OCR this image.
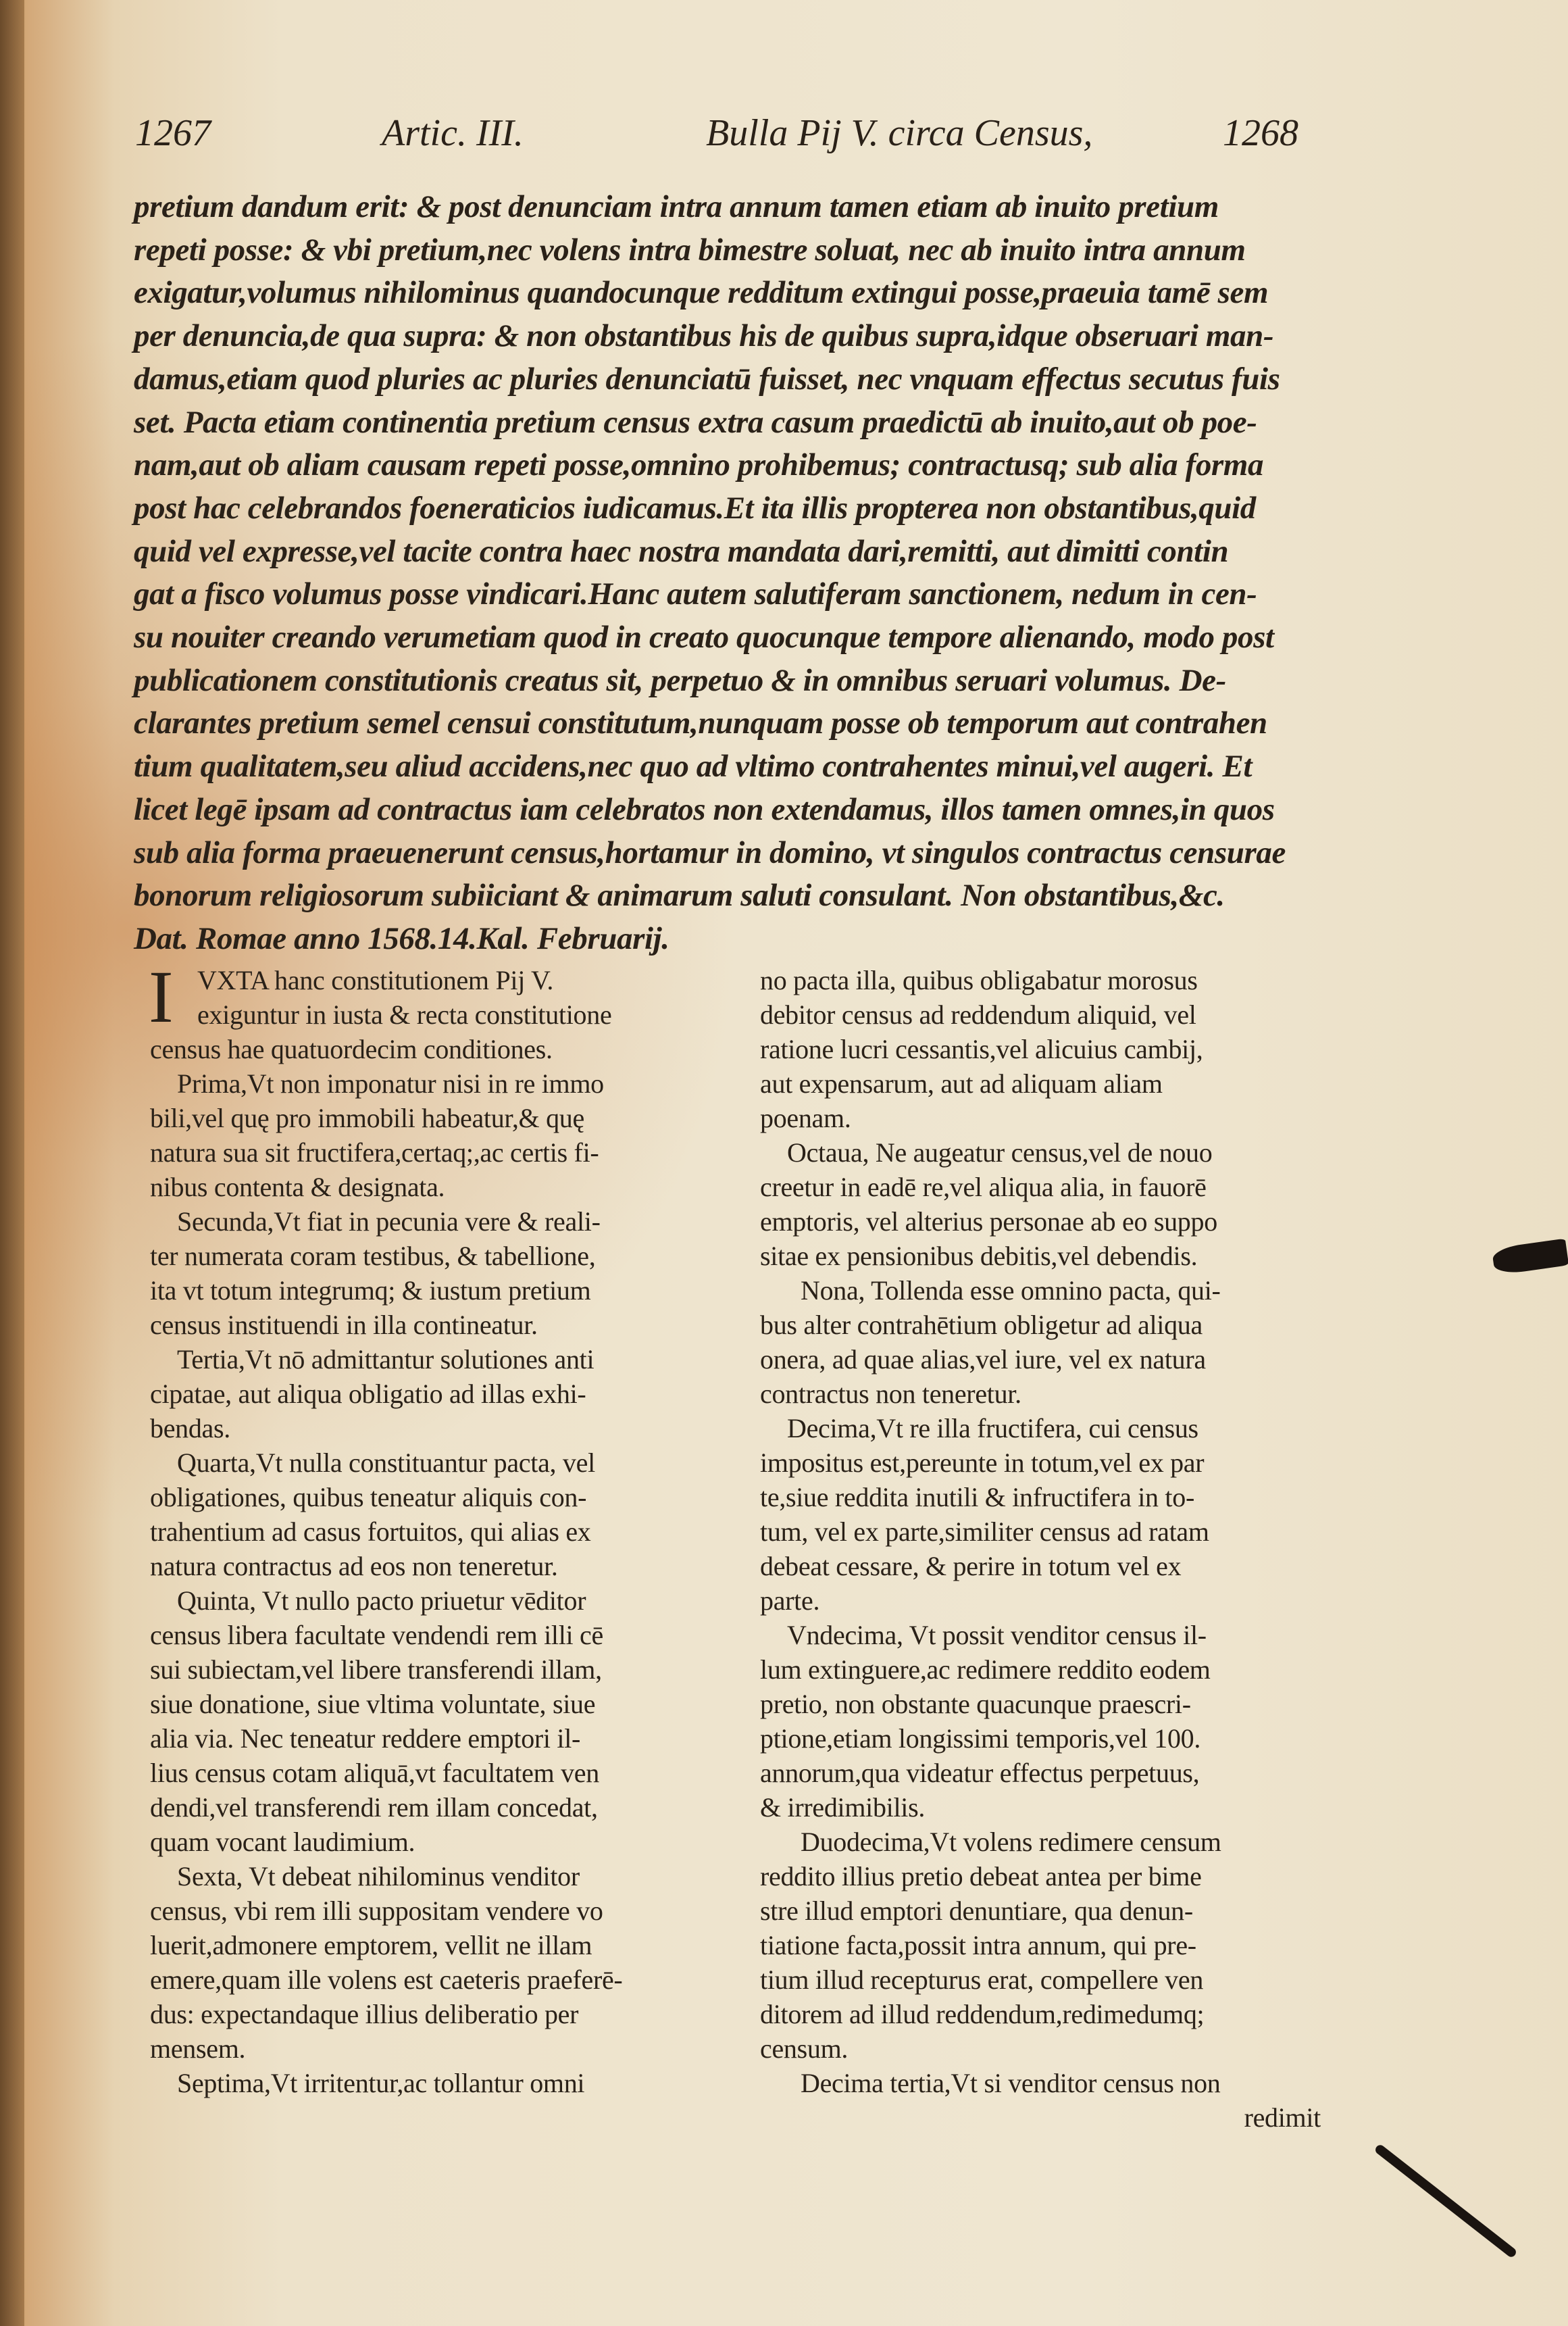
1267	Artic. III.	Bulla Pij V. circa Census,	1268
pretium dandum erit: & post denunciam intra annum tamen etiam ab inuito pretium
repeti posse: & vbi pretium,nec volens intra bimestre soluat, nec ab inuito intra annum
exigatur,volumus nihilominus quandocunque redditum extingui posse,praeuia tamē sem
per denuncia,de qua supra: & non obstantibus his de quibus supra,idque obseruari man-
damus,etiam quod pluries ac pluries denunciatū fuisset, nec vnquam effectus secutus fuis
set. Pacta etiam continentia pretium census extra casum praedictū ab inuito,aut ob poe-
nam,aut ob aliam causam repeti posse,omnino prohibemus; contractusq; sub alia forma
post hac celebrandos foeneraticios iudicamus.Et ita illis propterea non obstantibus,quid
quid vel expresse,vel tacite contra haec nostra mandata dari,remitti, aut dimitti contin
gat a fisco volumus posse vindicari.Hanc autem salutiferam sanctionem, nedum in cen-
su nouiter creando verumetiam quod in creato quocunque tempore alienando, modo post
publicationem constitutionis creatus sit, perpetuo & in omnibus seruari volumus. De-
clarantes pretium semel censui constitutum,nunquam posse ob temporum aut contrahen
tium qualitatem,seu aliud accidens,nec quo ad vltimo contrahentes minui,vel augeri. Et
licet legē ipsam ad contractus iam celebratos non extendamus, illos tamen omnes,in quos
sub alia forma praeuenerunt census,hortamur in domino, vt singulos contractus censurae
bonorum religiosorum subiiciant & animarum saluti consulant. Non obstantibus,&c.
Dat. Romae anno 1568.14.Kal. Februarij.
I VXTA hanc constitutionem Pij V.
exiguntur in iusta & recta constitutione
census hae quatuordecim conditiones.
Prima,Vt non imponatur nisi in re immo
bili,vel quę pro immobili habeatur,& quę
natura sua sit fructifera,certaq;,ac certis fi-
nibus contenta & designata.
Secunda,Vt fiat in pecunia vere & reali-
ter numerata coram testibus, & tabellione,
ita vt totum integrumq; & iustum pretium
census instituendi in illa contineatur.
Tertia,Vt nō admittantur solutiones anti
cipatae, aut aliqua obligatio ad illas exhi-
bendas.
Quarta,Vt nulla constituantur pacta, vel
obligationes, quibus teneatur aliquis con-
trahentium ad casus fortuitos, qui alias ex
natura contractus ad eos non teneretur.
Quinta, Vt nullo pacto priuetur vēditor
census libera facultate vendendi rem illi cē
sui subiectam,vel libere transferendi illam,
siue donatione, siue vltima voluntate, siue
alia via. Nec teneatur reddere emptori il-
lius census cotam aliquā,vt facultatem ven
dendi,vel transferendi rem illam concedat,
quam vocant laudimium.
Sexta, Vt debeat nihilominus venditor
census, vbi rem illi suppositam vendere vo
luerit,admonere emptorem, vellit ne illam
emere,quam ille volens est caeteris praeferē-
dus: expectandaque illius deliberatio per
mensem.
Septima,Vt irritentur,ac tollantur omni
no pacta illa, quibus obligabatur morosus
debitor census ad reddendum aliquid, vel
ratione lucri cessantis,vel alicuius cambij,
aut expensarum, aut ad aliquam aliam
poenam.
Octaua, Ne augeatur census,vel de nouo
creetur in eadē re,vel aliqua alia, in fauorē
emptoris, vel alterius personae ab eo suppo
sitae ex pensionibus debitis,vel debendis.
Nona, Tollenda esse omnino pacta, qui-
bus alter contrahētium obligetur ad aliqua
onera, ad quae alias,vel iure, vel ex natura
contractus non teneretur.
Decima,Vt re illa fructifera, cui census
impositus est,pereunte in totum,vel ex par
te,siue reddita inutili & infructifera in to-
tum, vel ex parte,similiter census ad ratam
debeat cessare, & perire in totum vel ex
parte.
Vndecima, Vt possit venditor census il-
lum extinguere,ac redimere reddito eodem
pretio, non obstante quacunque praescri-
ptione,etiam longissimi temporis,vel 100.
annorum,qua videatur effectus perpetuus,
& irredimibilis.
Duodecima,Vt volens redimere censum
reddito illius pretio debeat antea per bime
stre illud emptori denuntiare, qua denun-
tiatione facta,possit intra annum, qui pre-
tium illud recepturus erat, compellere ven
ditorem ad illud reddendum,redimedumq;
censum.
Decima tertia,Vt si venditor census non
redimit
